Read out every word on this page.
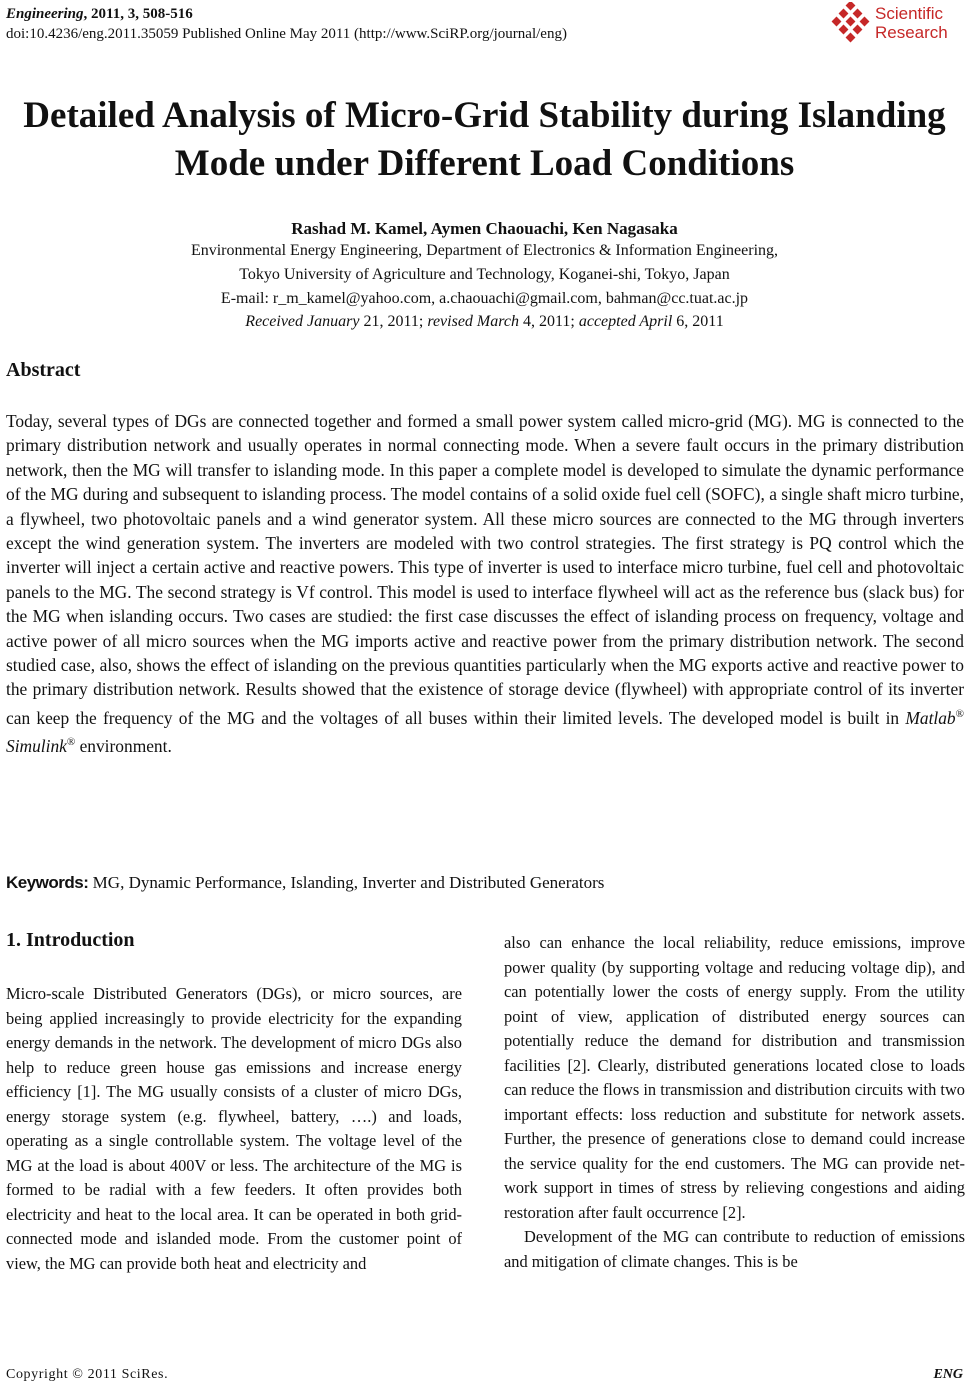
Engineering, 2011, 3, 508-516
doi:10.4236/eng.2011.35059 Published Online May 2011 (http://www.SciRP.org/journal/eng)
Scientific
Research
Detailed Analysis of Micro-Grid Stability during Islanding
Mode under Different Load Conditions
Rashad M. Kamel, Aymen Chaouachi, Ken Nagasaka
Environmental Energy Engineering, Department of Electronics & Information Engineering,
Tokyo University of Agriculture and Technology, Koganei-shi, Tokyo, Japan
E-mail: r_m_kamel@yahoo.com, a.chaouachi@gmail.com, bahman@cc.tuat.ac.jp
Received January 21, 2011; revised March 4, 2011; accepted April 6, 2011
Abstract
Today, several types of DGs are connected together and formed a small power system called micro-grid (MG). MG is connected to the primary distribution network and usually operates in normal connecting mode. When a severe fault occurs in the primary distribution network, then the MG will transfer to islanding mode. In this paper a complete model is developed to simulate the dynamic performance of the MG during and subsequent to islanding process. The model contains of a solid oxide fuel cell (SOFC), a single shaft micro turbine, a flywheel, two photovoltaic panels and a wind generator system. All these micro sources are connected to the MG through inverters except the wind generation system. The inverters are modeled with two control strategies. The first strategy is PQ control which the inverter will inject a certain active and reactive powers. This type of inverter is used to interface micro turbine, fuel cell and photovoltaic panels to the MG. The second strategy is Vf control. This model is used to interface flywheel will act as the reference bus (slack bus) for the MG when islanding occurs. Two cases are studied: the first case discusses the effect of islanding process on frequency, voltage and active power of all micro sources when the MG imports active and reactive power from the primary distribution network. The second studied case, also, shows the effect of islanding on the previous quantities particularly when the MG exports active and reactive power to the primary distribution network. Results showed that the existence of storage device (flywheel) with appropriate control of its inverter can keep the frequency of the MG and the voltages of all buses within their limited levels. The developed model is built in Matlab® Simulink® environment.
Keywords: MG, Dynamic Performance, Islanding, Inverter and Distributed Generators
1. Introduction
Micro-scale Distributed Generators (DGs), or micro sources, are being applied increasingly to provide electricity for the expanding energy demands in the network. The development of micro DGs also help to reduce green house gas emissions and increase energy efficiency [1]. The MG usually consists of a cluster of micro DGs, energy storage system (e.g. flywheel, battery, ….) and loads, operating as a single controllable system. The voltage level of the MG at the load is about 400V or less. The architecture of the MG is formed to be radial with a few feeders. It often provides both electricity and heat to the local area. It can be operated in both grid-connected mode and islanded mode. From the customer point of view, the MG can provide both heat and electricity and
also can enhance the local reliability, reduce emissions, improve power quality (by supporting voltage and reducing voltage dip), and can potentially lower the costs of energy supply. From the utility point of view, application of distributed energy sources can potentially reduce the demand for distribution and transmission facilities [2]. Clearly, distributed generations located close to loads can reduce the flows in transmission and distribution circuits with two important effects: loss reduction and substitute for network assets. Further, the presence of generations close to demand could increase the service quality for the end customers. The MG can provide network support in times of stress by relieving congestions and aiding restoration after fault occurrence [2].
Development of the MG can contribute to reduction of emissions and mitigation of climate changes. This is be
Copyright © 2011 SciRes.	ENG
